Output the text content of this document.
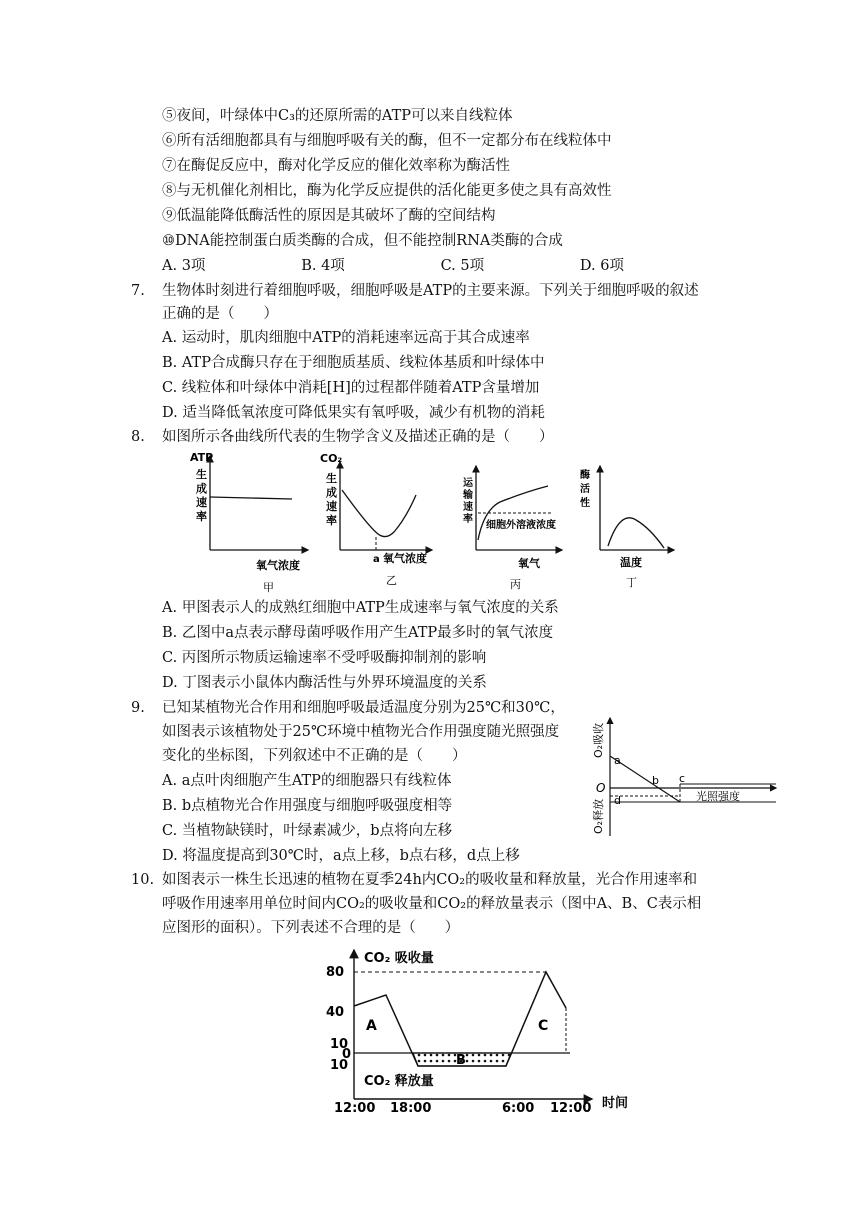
⑤夜间，叶绿体中C₃的还原所需的ATP可以来自线粒体
⑥所有活细胞都具有与细胞呼吸有关的酶，但不一定都分布在线粒体中
⑦在酶促反应中，酶对化学反应的催化效率称为酶活性
⑧与无机催化剂相比，酶为化学反应提供的活化能更多使之具有高效性
⑨低温能降低酶活性的原因是其破坏了酶的空间结构
⑩DNA能控制蛋白质类酶的合成，但不能控制RNA类酶的合成
A. 3项	B. 4项	C. 5项	D. 6项
7. 生物体时刻进行着细胞呼吸，细胞呼吸是ATP的主要来源。下列关于细胞呼吸的叙述
正确的是（　　）
A. 运动时，肌肉细胞中ATP的消耗速率远高于其合成速率
B. ATP合成酶只存在于细胞质基质、线粒体基质和叶绿体中
C. 线粒体和叶绿体中消耗[H]的过程都伴随着ATP含量增加
D. 适当降低氧浓度可降低果实有氧呼吸，减少有机物的消耗
8. 如图所示各曲线所代表的生物学含义及描述正确的是（　　）
ATP
生
成
速
率
氧气浓度
甲
CO₂
生
成
速
率
a 氧气浓度
乙
运
输
速
率
细胞外溶液浓度
氧气
丙
酶
活
性
温度
丁
A. 甲图表示人的成熟红细胞中ATP生成速率与氧气浓度的关系
B. 乙图中a点表示酵母菌呼吸作用产生ATP最多时的氧气浓度
C. 丙图所示物质运输速率不受呼吸酶抑制剂的影响
D. 丁图表示小鼠体内酶活性与外界环境温度的关系
9. 已知某植物光合作用和细胞呼吸最适温度分别为25℃和30℃，
如图表示该植物处于25℃环境中植物光合作用强度随光照强度
变化的坐标图，下列叙述中不正确的是（　　）
A. a点叶肉细胞产生ATP的细胞器只有线粒体
B. b点植物光合作用强度与细胞呼吸强度相等
C. 当植物缺镁时，叶绿素减少，b点将向左移
D. 将温度提高到30℃时，a点上移，b点右移，d点上移
O₂吸收
O₂释放
O
a
b c
d	光照强度
10. 如图表示一株生长迅速的植物在夏季24h内CO₂的吸收量和释放量，光合作用速率和
呼吸作用速率用单位时间内CO₂的吸收量和CO₂的释放量表示（图中A、B、C表示相
应图形的面积）。下列表述不合理的是（　　）
80
40
10
0
10
12:00 18:00	6:00 12:00 时间
CO₂ 吸收量
CO₂ 释放量
A
B
C
